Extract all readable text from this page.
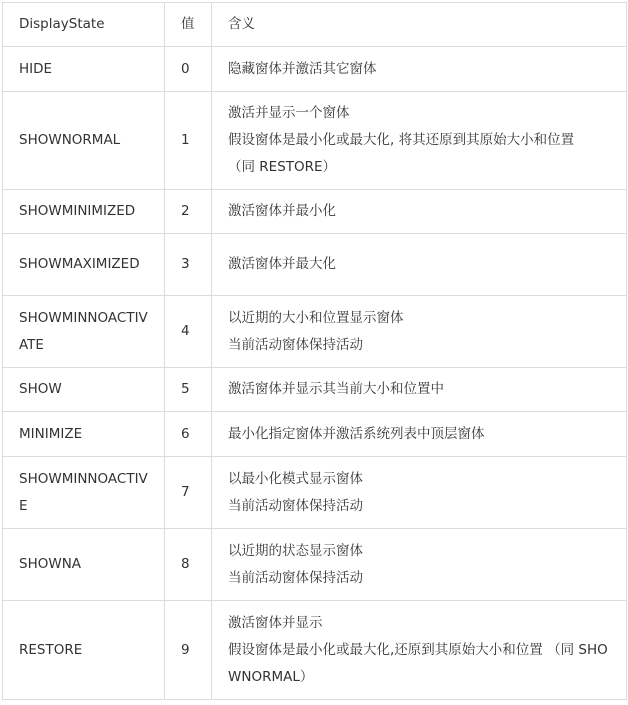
DisplayState	值	含义
HIDE	0	隐藏窗体并激活其它窗体

SHOWNORMAL	1	激活并显示一个窗体
假设窗体是最小化或最大化, 将其还原到其原始大小和位置
（同 RESTORE）

SHOWMINIMIZED	2	激活窗体并最小化

SHOWMAXIMIZED	3	激活窗体并最大化

SHOWMINNOACTIVATE	4	以近期的大小和位置显示窗体
当前活动窗体保持活动

SHOW	5	激活窗体并显示其当前大小和位置中

MINIMIZE	6	最小化指定窗体并激活系统列表中顶层窗体

SHOWMINNOACTIVE	7	以最小化模式显示窗体
当前活动窗体保持活动

SHOWNA	8	以近期的状态显示窗体
当前活动窗体保持活动

RESTORE	9	激活窗体并显示
假设窗体是最小化或最大化,还原到其原始大小和位置 （同 SHOWNORMAL）
